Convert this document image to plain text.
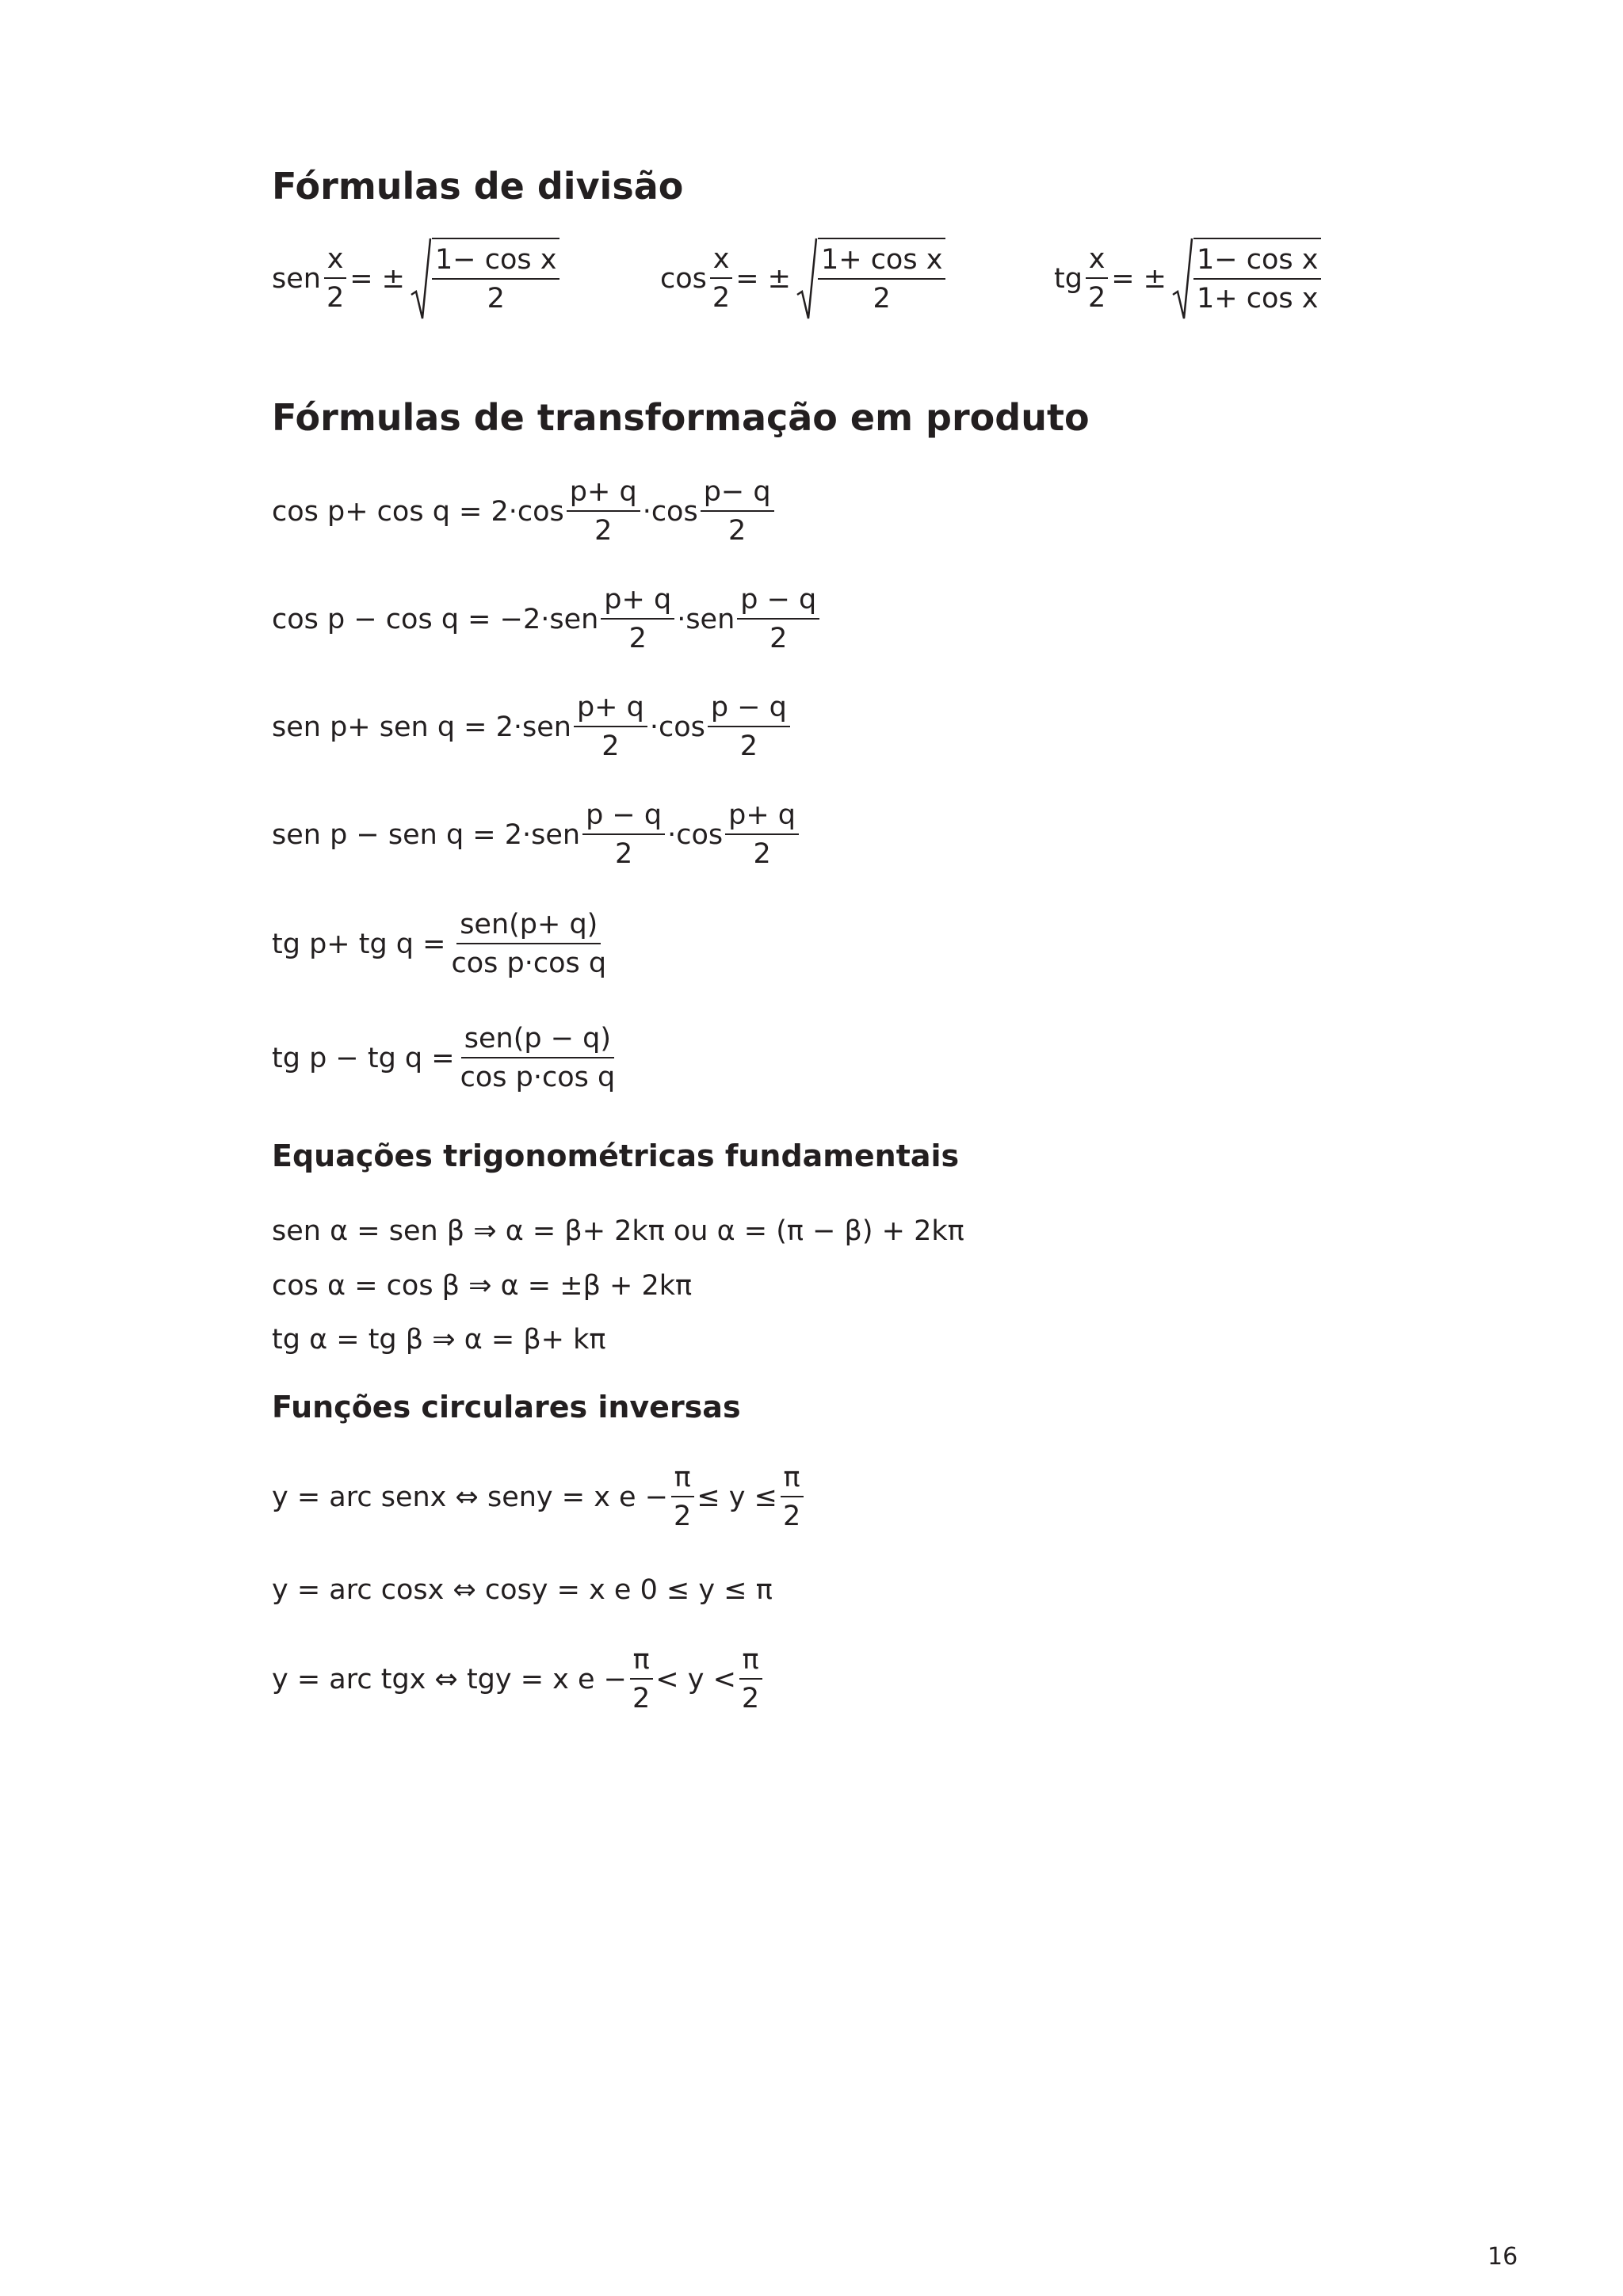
Fórmulas de divisão
sen $\frac{x}{2}$ = ± $\frac{\text{1− cos x}}{2}$	$\cos \frac{x}{2}$ = ± $\frac{\text{1+ cos x}}{2}$	tg $\frac{x}{2}$ = ± $\frac{\text{1− cos x}}{\text{1+ cos x}}$
Fórmulas de transformação em produto
$\cos p+ \cos q = 2\cdot\cos \frac{p+ q}{2} \cdot\cos \frac{p- q}{2}$
$\cos p - \cos q = -2\cdot sen \frac{p+ q}{2} \cdot sen \frac{p - q}{2}$
sen p+ sen $q = 2\cdot sen \frac{p+ q}{2} \cdot\cos \frac{p - q}{2}$
sen p − sen $q = 2\cdot sen \frac{p - q}{2} \cdot\cos \frac{p+ q}{2}$
tg p+ tg $q = \frac{\text{sen(p+ q)}}{\text{cos p·cos q}}$
tg p − tg $q = \frac{\text{sen(p − q)}}{\text{cos p·cos q}}$
Equações trigonométricas fundamentais
sen α = sen β ⇒ α = β+ 2kπ ou α = (π − β) + 2kπ
cos α = cos β ⇒ α = ±β + 2kπ
tg α = tg β ⇒ α = β+ kπ
Funções circulares inversas
y = arc senx ⇔ seny = x $e - \frac{\pi}{2} \le y \le \frac{\pi}{2}$
y = arc cosx ⇔ cosy = x e 0 ≤ y ≤ π
y = arc tgx ⇔ tgy = x $e - \frac{\pi}{2} < y < \frac{\pi}{2}$
16
